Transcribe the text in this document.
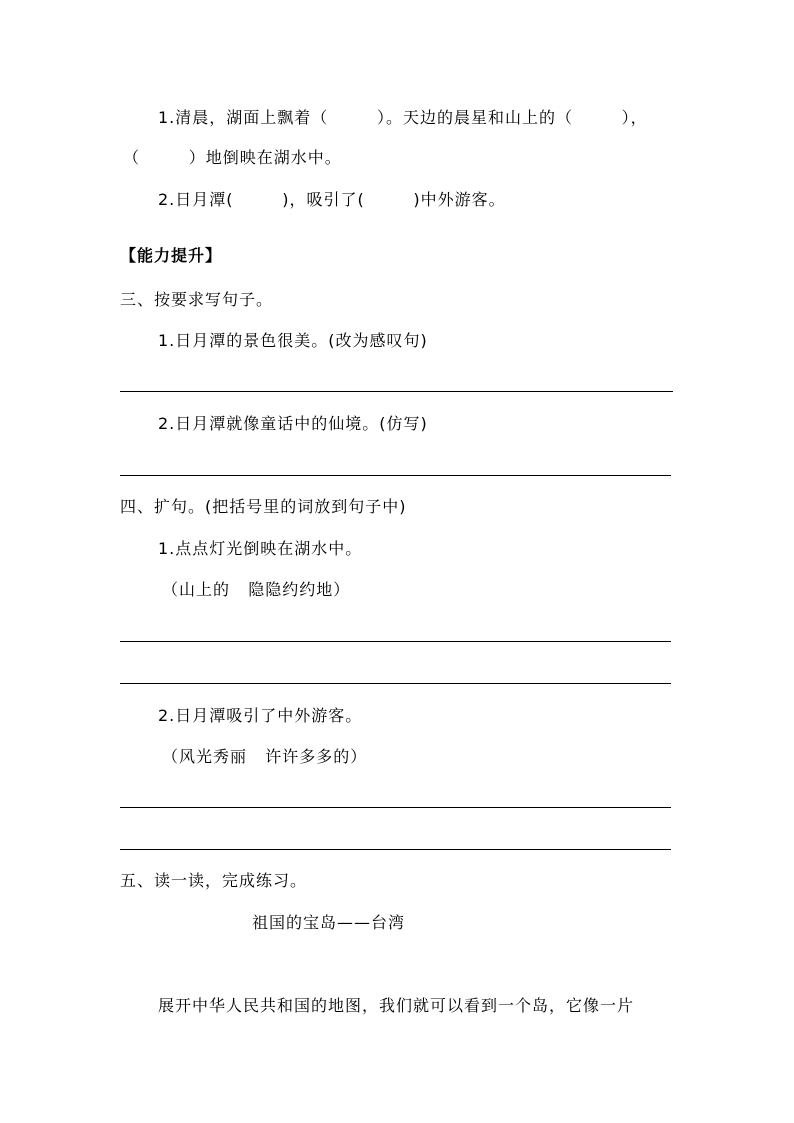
1.清晨，湖面上飘着（        ）。天边的晨星和山上的（        ），
（        ）地倒映在湖水中。
2.日月潭(        )，吸引了(        )中外游客。
【能力提升】
三、按要求写句子。
1.日月潭的景色很美。(改为感叹句)
2.日月潭就像童话中的仙境。(仿写)
四、扩句。(把括号里的词放到句子中)
1.点点灯光倒映在湖水中。
（山上的   隐隐约约地）
2.日月潭吸引了中外游客。
（风光秀丽   许许多多的）
五、读一读，完成练习。
祖国的宝岛——台湾
展开中华人民共和国的地图，我们就可以看到一个岛，它像一片
